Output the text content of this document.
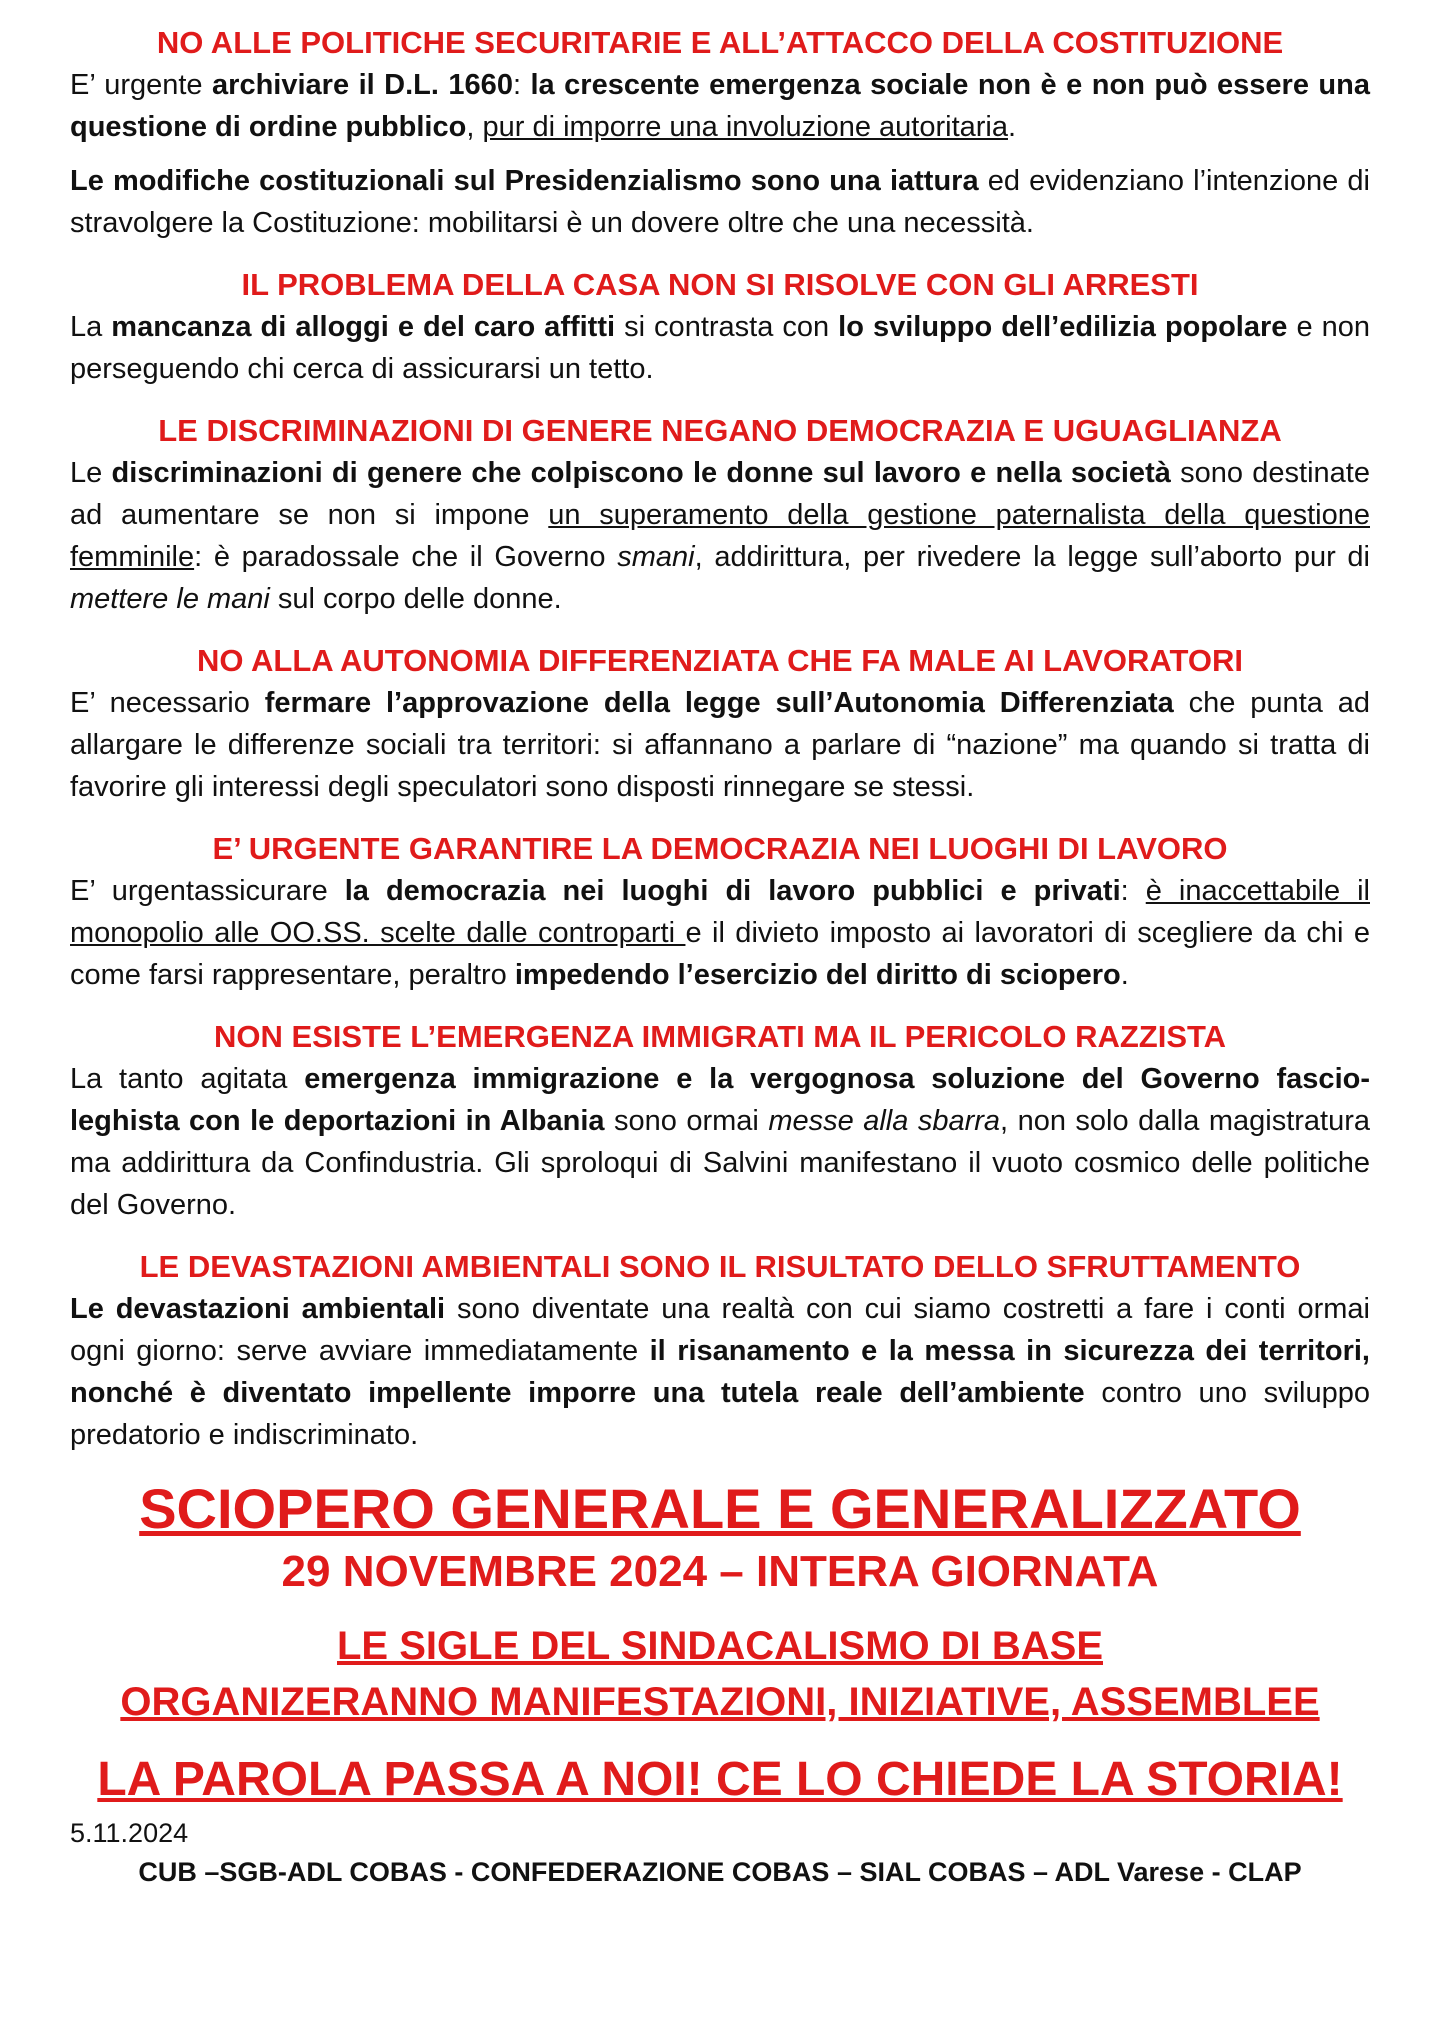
NO ALLE POLITICHE SECURITARIE E ALL’ATTACCO DELLA COSTITUZIONE

E’ urgente archiviare il D.L. 1660: la crescente emergenza sociale non è e non può essere una questione di ordine pubblico, pur di imporre una involuzione autoritaria.

Le modifiche costituzionali sul Presidenzialismo sono una iattura ed evidenziano l’intenzione di stravolgere la Costituzione: mobilitarsi è un dovere oltre che una necessità.

IL PROBLEMA DELLA CASA NON SI RISOLVE CON GLI ARRESTI

La mancanza di alloggi e del caro affitti si contrasta con lo sviluppo dell’edilizia popolare e non perseguendo chi cerca di assicurarsi un tetto.

LE DISCRIMINAZIONI DI GENERE NEGANO DEMOCRAZIA E UGUAGLIANZA

Le discriminazioni di genere che colpiscono le donne sul lavoro e nella società sono destinate ad aumentare se non si impone un superamento della gestione paternalista della questione femminile: è paradossale che il Governo smani, addirittura, per rivedere la legge sull’aborto pur di mettere le mani sul corpo delle donne.

NO ALLA AUTONOMIA DIFFERENZIATA CHE FA MALE AI LAVORATORI

E’ necessario fermare l’approvazione della legge sull’Autonomia Differenziata che punta ad allargare le differenze sociali tra territori: si affannano a parlare di “nazione” ma quando si tratta di favorire gli interessi degli speculatori sono disposti rinnegare se stessi.

E’ URGENTE GARANTIRE LA DEMOCRAZIA NEI LUOGHI DI LAVORO

E’ urgentassicurare la democrazia nei luoghi di lavoro pubblici e privati: è inaccettabile il monopolio alle OO.SS. scelte dalle controparti e il divieto imposto ai lavoratori di scegliere da chi e come farsi rappresentare, peraltro impedendo l’esercizio del diritto di sciopero.

NON ESISTE L’EMERGENZA IMMIGRATI MA IL PERICOLO RAZZISTA

La tanto agitata emergenza immigrazione e la vergognosa soluzione del Governo fascio-leghista con le deportazioni in Albania sono ormai messe alla sbarra, non solo dalla magistratura ma addirittura da Confindustria. Gli sproloqui di Salvini manifestano il vuoto cosmico delle politiche del Governo.

LE DEVASTAZIONI AMBIENTALI SONO IL RISULTATO DELLO SFRUTTAMENTO

Le devastazioni ambientali sono diventate una realtà con cui siamo costretti a fare i conti ormai ogni giorno: serve avviare immediatamente il risanamento e la messa in sicurezza dei territori, nonché è diventato impellente imporre una tutela reale dell’ambiente contro uno sviluppo predatorio e indiscriminato.

SCIOPERO GENERALE E GENERALIZZATO
29 NOVEMBRE 2024 – INTERA GIORNATA
LE SIGLE DEL SINDACALISMO DI BASE
ORGANIZERANNO MANIFESTAZIONI, INIZIATIVE, ASSEMBLEE
LA PAROLA PASSA A NOI! CE LO CHIEDE LA STORIA!
5.11.2024
CUB –SGB-ADL COBAS - CONFEDERAZIONE COBAS – SIAL COBAS – ADL Varese - CLAP
